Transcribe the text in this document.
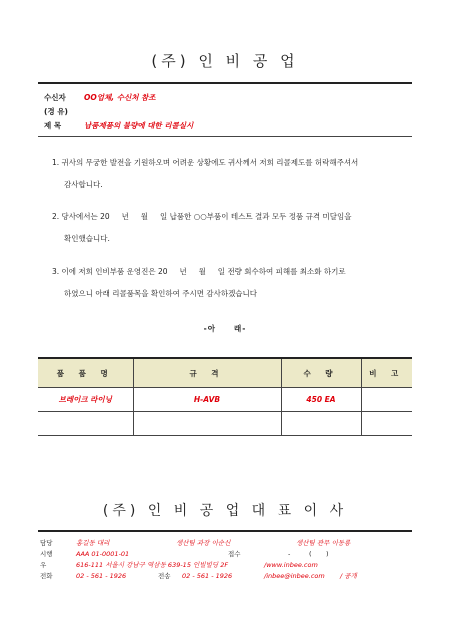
(주) 인 비 공 업
수신자 OO업체, 수신처 참조
(경 유)
제 목	납품제품의 불량에 대한 리콜실시
1. 귀사의 무궁한 발전을 기원하오며 어려운 상황에도 귀사께서 저희 리콜제도를 허락해주셔서
감사합니다.
2. 당사에서는 20     년     월     일 납품한 ○○부품이 테스트 결과 모두 정품 규격 미달임을
확인했습니다.
3. 이에 저희 인비부품 운영진은 20     년     월     일 전량 회수하여 피해를 최소화 하기로
하였으니 아래 리콜품목을 확인하여 주시면 감사하겠습니다
-아     래-
품 품 명	규 격	수 량	비 고
브레이크 라이닝	H-AVB	450 EA	

(주) 인 비 공 업 대 표 이 사
담당	홍길동 대리	생산팀 과장 이순신	생산팀 관무 이동룡
시행	AAA 01-0001-01	접수	-         (       )
우	616-111 서울시 강남구 역삼동 639-15 인빌빌딩 2F	/www.inbee.com
전화	02 - 561 - 1926	전송 02 - 561 - 1926	/inbee@inbee.com / 공개
